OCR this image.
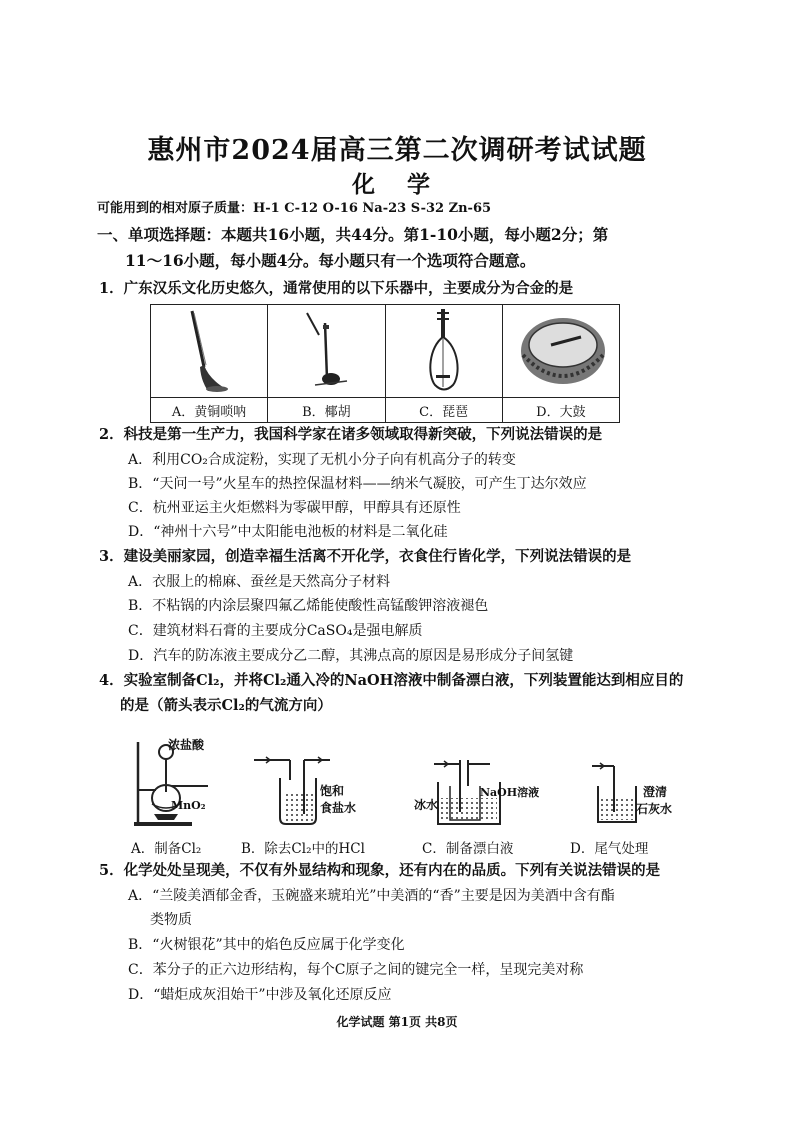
惠州市2024届高三第二次调研考试试题
化 学
可能用到的相对原子质量：H-1 C-12 O-16 Na-23 S-32 Zn-65
一、单项选择题：本题共16小题，共44分。第1-10小题，每小题2分；第
11～16小题，每小题4分。每小题只有一个选项符合题意。
1．广东汉乐文化历史悠久，通常使用的以下乐器中，主要成分为合金的是

A．黄铜唢呐	B．椰胡	C．琵琶	D．大鼓
2．科技是第一生产力，我国科学家在诸多领域取得新突破，下列说法错误的是
A．利用CO₂合成淀粉，实现了无机小分子向有机高分子的转变
B．“天问一号”火星车的热控保温材料——纳米气凝胶，可产生丁达尔效应
C．杭州亚运主火炬燃料为零碳甲醇，甲醇具有还原性
D．“神州十六号”中太阳能电池板的材料是二氧化硅
3．建设美丽家园，创造幸福生活离不开化学，衣食住行皆化学，下列说法错误的是
A．衣服上的棉麻、蚕丝是天然高分子材料
B．不粘锅的内涂层聚四氟乙烯能使酸性高锰酸钾溶液褪色
C．建筑材料石膏的主要成分CaSO₄是强电解质
D．汽车的防冻液主要成分乙二醇，其沸点高的原因是易形成分子间氢键
4．实验室制备Cl₂，并将Cl₂通入冷的NaOH溶液中制备漂白液，下列装置能达到相应目的
的是（箭头表示Cl₂的气流方向）
浓盐酸
MnO₂
饱和
食盐水
NaOH溶液
冰水
澄清
石灰水
A．制备Cl₂	B．除去Cl₂中的HCl	C．制备漂白液	D．尾气处理
5．化学处处呈现美，不仅有外显结构和现象，还有内在的品质。下列有关说法错误的是
A．“兰陵美酒郁金香，玉碗盛来琥珀光”中美酒的“香”主要是因为美酒中含有酯
类物质
B．“火树银花”其中的焰色反应属于化学变化
C．苯分子的正六边形结构，每个C原子之间的键完全一样，呈现完美对称
D．“蜡炬成灰泪始干”中涉及氧化还原反应
化学试题 第1页 共8页
